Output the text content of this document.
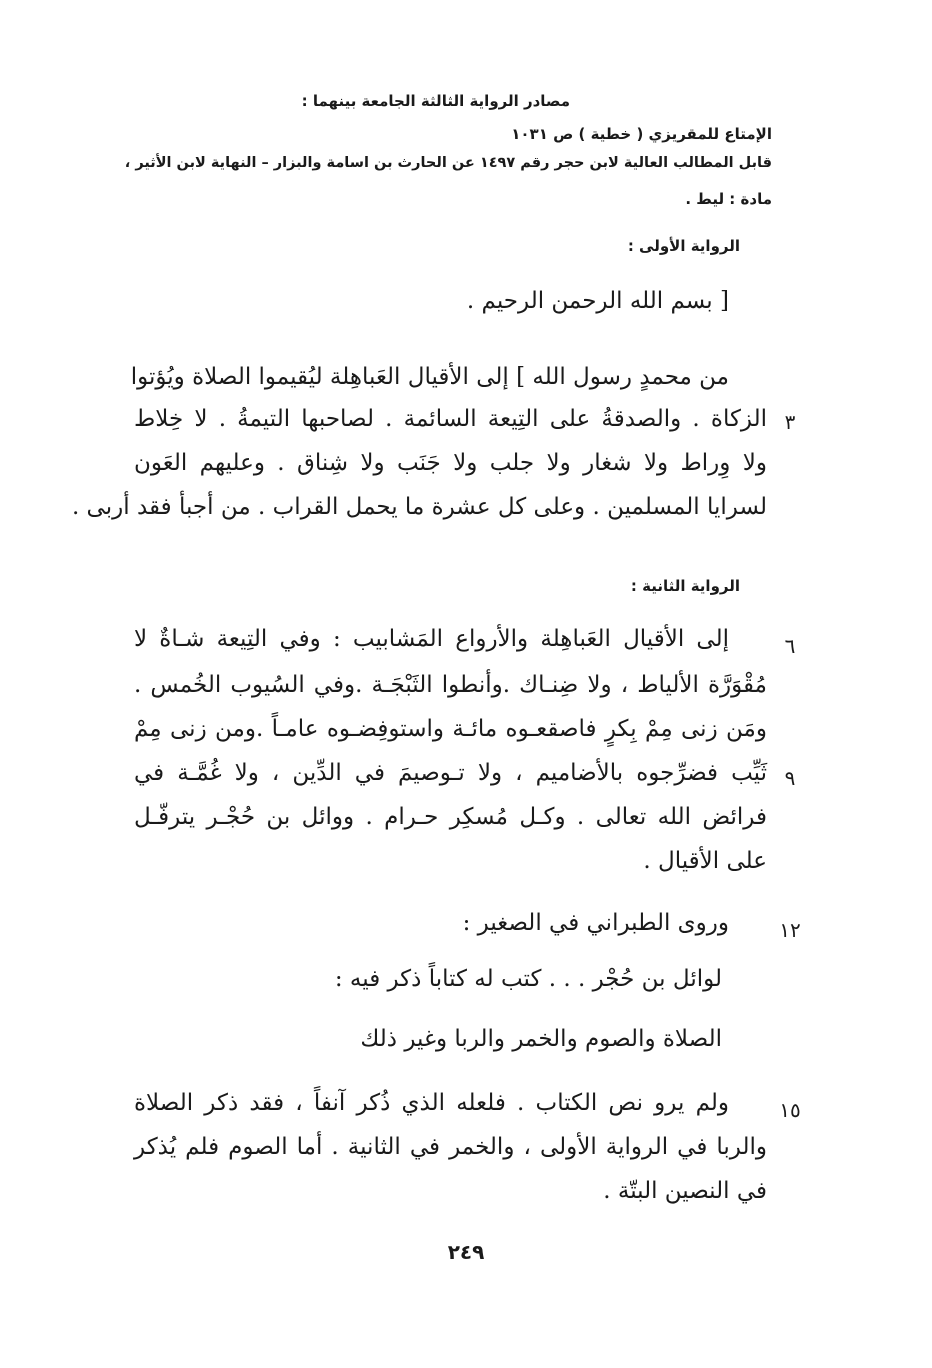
مصادر الرواية الثالثة الجامعة بينهما :
الإمتاع للمقريزي ( خطية ) ص ١٠٣١
قابل المطالب العالية لابن حجر رقم ١٤٩٧ عن الحارث بن اسامة والبزار – النهاية لابن الأثير ،
مادة : ليط .
الرواية الأولى :
[ بسم الله الرحمن الرحيم .
من محمدٍ رسول الله ] إلى الأقيال العَباهِلة ليُقيموا الصلاة ويُؤتوا
الزكاة . والصدقةُ على التِيعة السائمة . لصاحبها التيمةُ . لا خِلاط ٣
ولا وِراط ولا شغار ولا جلب ولا جَنَب ولا شِناق . وعليهم العَون
لسرايا المسلمين . وعلى كل عشرة ما يحمل القراب . من أجبأ فقد أربى .
الرواية الثانية :
إلى الأقيال العَباهِلة والأرواع المَشابيب : وفي التِيعة شـاةٌ لا	٦
مُقْوَرَّة الألياط ، ولا ضِنـاك .وأنطوا الثَبْجَـة .وفي السُيوب الخُمس .
ومَن زنى مِمْ بِكرٍ فاصقعـوه مائـة واستوفِضـوه عامـاً .ومن زنى مِمْ
ثَيِّب فضرِّجوه بالأضاميم ، ولا تـوصيمَ في الدِّين ، ولا غُمَّـة في ٩
فرائض الله تعالى . وكـل مُسكِر حـرام . ووائل بن حُجْـر يترفّـل
على الأقيال .
وروى الطبراني في الصغير :	١٢
لوائل بن حُجْر . . . كتب له كتاباً ذكر فيه :
الصلاة والصوم والخمر والربا وغير ذلك
ولم يرو نص الكتاب . فلعله الذي ذُكر آنفاً ، فقد ذكر الصلاة	١٥
والربا في الرواية الأولى ، والخمر في الثانية . أما الصوم فلم يُذكر
في النصين البتّة .
٢٤٩
